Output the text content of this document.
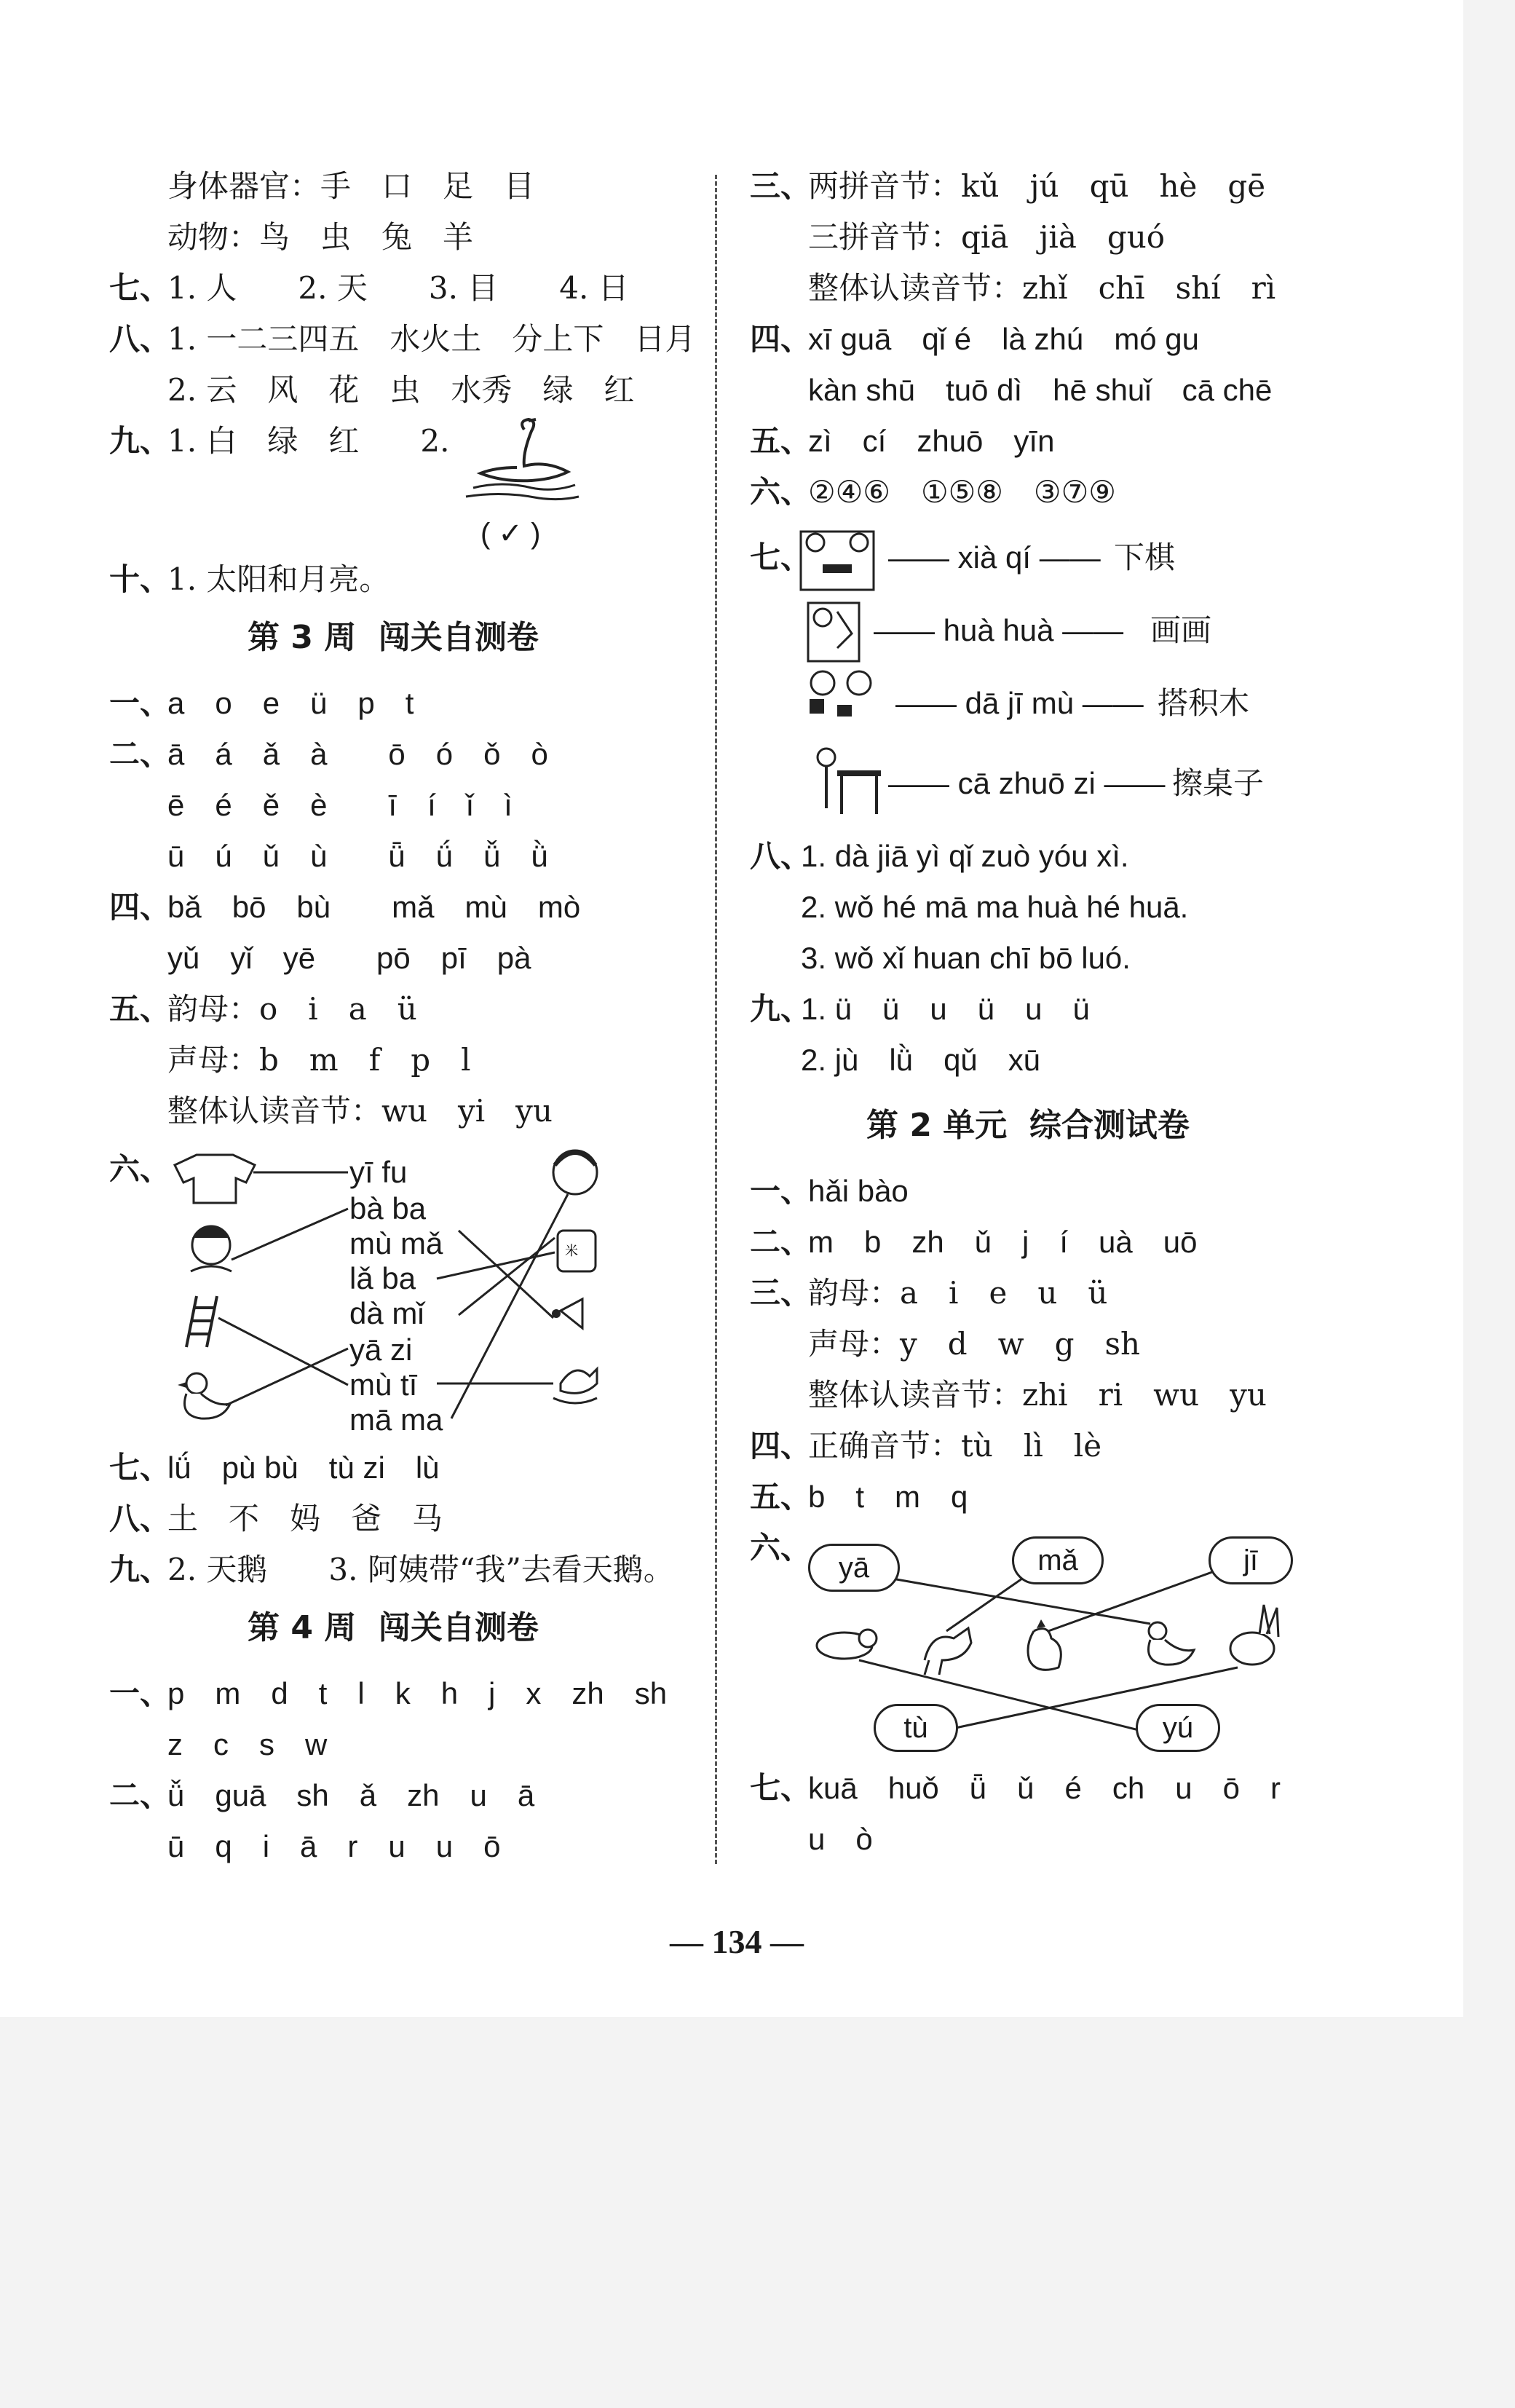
身体器官：手　口　足　目
动物：鸟　虫　兔　羊
七、
1. 人　　2. 天　　3. 目　　4. 日
八、
1. 一二三四五　水火土　分上下　日月
2. 云　风　花　虫　水秀　绿　红
九、
1. 白　绿　红　　2.
( ✓ )
十、
1. 太阳和月亮。
第 3 周  闯关自测卷
一、
a　o　e　ü　p　t
二、
ā　á　ǎ　à　　ō　ó　ǒ　ò
ē　é　ě　è　　ī　í　ǐ　ì
ū　ú　ǔ　ù　　ǖ　ǘ　ǚ　ǜ
四、
bǎ　bō　bù　　mǎ　mù　mò
yǔ　yǐ　yē　　pō　pī　pà
五、
韵母：o　i　a　ü
声母：b　m　f　p　l
整体认读音节：wu　yi　yu
六、	yī fu
bà ba
mù mǎ
lǎ ba
dà mǐ
yā zi
mù tī
mā ma
米
七、
lǘ　pù bù　tù zi　lù
八、
土　不　妈　爸　马
九、
2. 天鹅　　3. 阿姨带“我”去看天鹅。
第 4 周  闯关自测卷
一、
p　m　d　t　l　k　h　j　x　zh　sh
z　c　s　w
二、
ǚ　guā　sh　ǎ　zh　u　ā
ū　q　i　ā　r　u　u　ō
三、
两拼音节：kǔ　jú　qū　hè　gē
三拼音节：qiā　jià　guó
整体认读音节：zhǐ　chī　shí　rì
四、
xī guā　qǐ é　là zhú　mó gu
kàn shū　tuō dì　hē shuǐ　cā chē
五、
zì　cí　zhuō　yīn
六、
②④⑥　①⑤⑧　③⑦⑨
七、	—— xià qí —— 下棋
—— huà huà —— 画画
—— dā jī mù —— 搭积木
—— cā zhuō zi —— 擦桌子
八、
1. dà jiā yì qǐ zuò yóu xì.
2. wǒ hé mā ma huà hé huā.
3. wǒ xǐ huan chī bō luó.
九、
1. ü　ü　u　ü　u　ü
2. jù　lǜ　qǔ　xū
第 2 单元  综合测试卷
一、
hǎi bào
二、
m　b　zh　ǔ　j　í　uà　uō
三、
韵母：a　i　e　u　ü
声母：y　d　w　g　sh
整体认读音节：zhi　ri　wu　yu
四、
正确音节：tù　lì　lè
五、
b　t　m　q
六、
yā	mǎ	jī
tù	yú
七、
kuā　huǒ　ǖ　ǔ　é　ch　u　ō　r
u　ò
— 134 —
